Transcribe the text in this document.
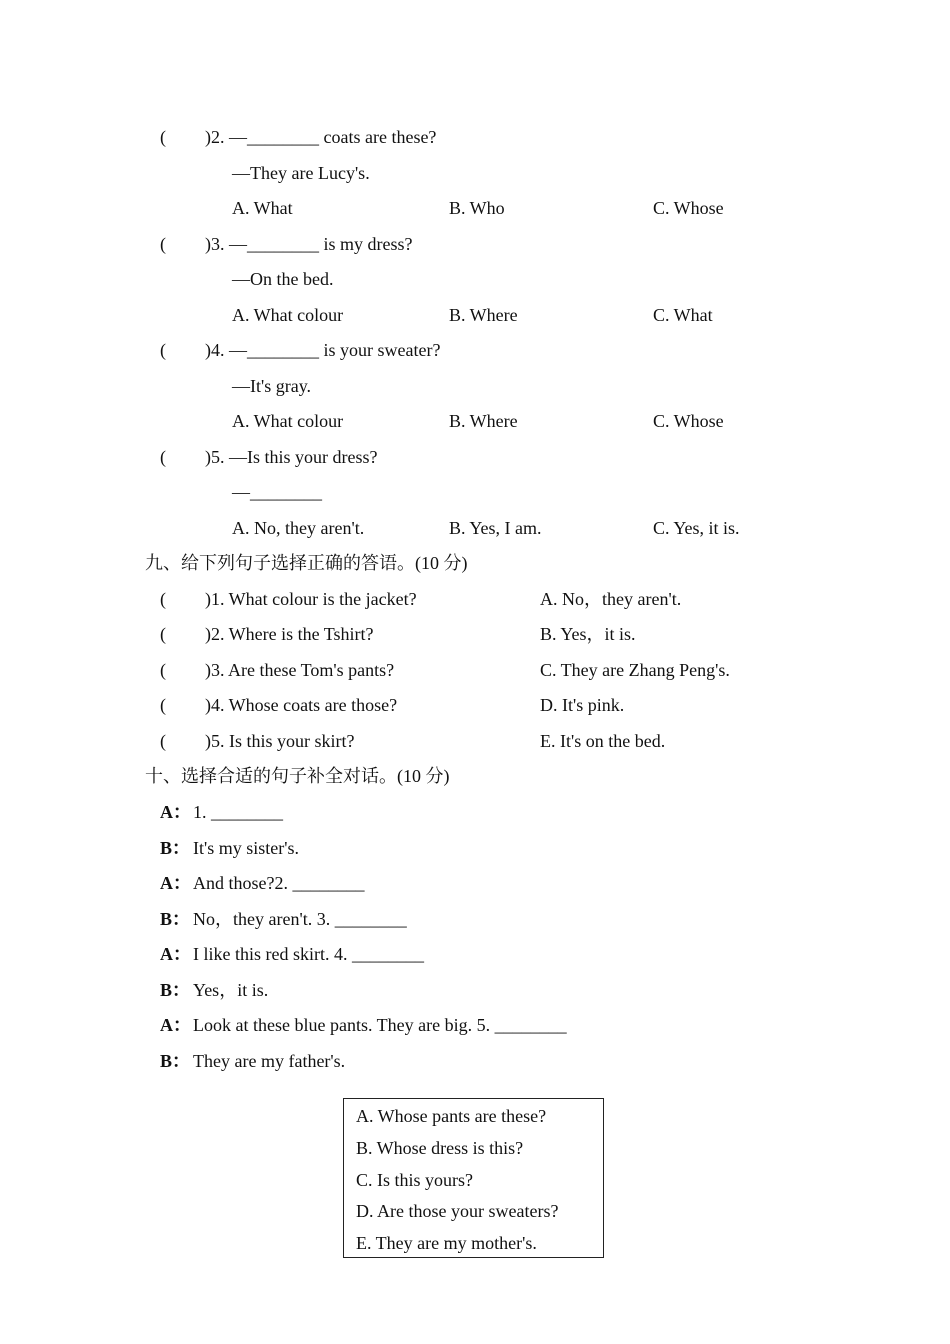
( )2. —________ coats are these?
—They are Lucy's.
A. What	B. Who	C. Whose
( )3. —________ is my dress?
—On the bed.
A. What colour	B. Where	C. What
( )4. —________ is your sweater?
—It's gray.
A. What colour	B. Where	C. Whose
( )5. —Is this your dress?
—________
A. No, they aren't.	B. Yes, I am.	C. Yes, it is.
九、给下列句子选择正确的答语。(10 分)
( )1. What colour is the jacket?	A. No，they aren't.
( )2. Where is the Tshirt?	B. Yes，it is.
( )3. Are these Tom's pants?	C. They are Zhang Peng's.
( )4. Whose coats are those?	D. It's pink.
( )5. Is this your skirt?	E. It's on the bed.
十、选择合适的句子补全对话。(10 分)
A： 1. ________
B： It's my sister's.
A： And those?2. ________
B： No，they aren't. 3. ________
A： I like this red skirt. 4. ________
B： Yes，it is.
A： Look at these blue pants. They are big. 5. ________
B： They are my father's.
A. Whose pants are these?
B. Whose dress is this?
C. Is this yours?
D. Are those your sweaters?
E. They are my mother's.
